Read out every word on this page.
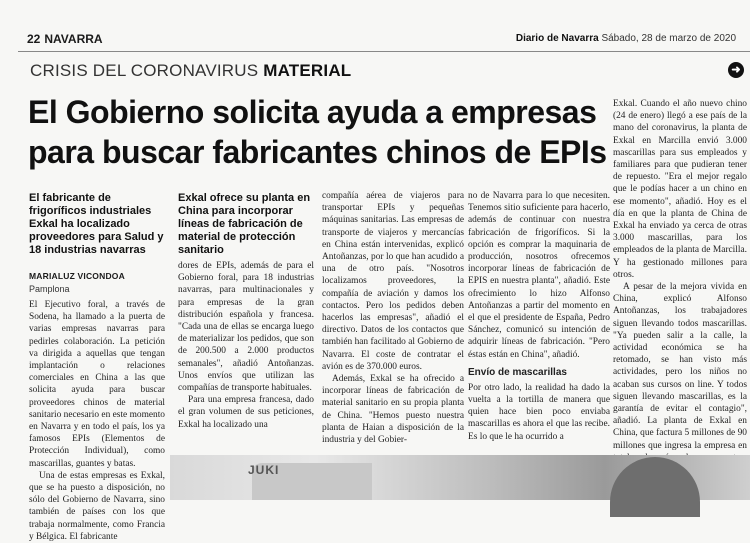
22 NAVARRA	Diario de Navarra Sábado, 28 de marzo de 2020
CRISIS DEL CORONAVIRUS MATERIAL	➜
El Gobierno solicita ayuda a empresas para buscar fabricantes chinos de EPIs
El fabricante de frigoríficos industriales Exkal ha localizado proveedores para Salud y 18 industrias navarras
MARIALUZ VICONDOA
Pamplona
Exkal ofrece su planta en China para incorporar líneas de fabricación de material de protección sanitario

El Ejecutivo foral, a través de Sodena, ha llamado a la puerta de varias empresas navarras para pedirles colaboración. La petición va dirigida a aquellas que tengan implantación o relaciones comerciales en China a las que solicita ayuda para buscar proveedores chinos de material sanitario necesario en este momento en Navarra y en todo el país, los ya famosos EPIs (Elementos de Protección Individual), como mascarillas, guantes y batas.

Una de estas empresas es Exkal, que se ha puesto a disposición, no sólo del Gobierno de Navarra, sino también de países con los que trabaja normalmente, como Francia y Bélgica. El fabricante

dores de EPIs, además de para el Gobierno foral, para 18 industrias navarras, para multinacionales y para empresas de la gran distribución española y francesa. "Cada una de ellas se encarga luego de materializar los pedidos, que son de 200.500 a 2.000 productos semanales", añadió Antoñanzas. Unos envíos que utilizan las compañías de transporte habituales.

Para una empresa francesa, dado el gran volumen de sus peticiones, Exkal ha localizado una

compañía aérea de viajeros para transportar EPIs y pequeñas máquinas sanitarias. Las empresas de transporte de viajeros y mercancías en China están intervenidas, explicó Antoñanzas, por lo que han acudido a una de otro país. "Nosotros localizamos proveedores, la compañía de aviación y damos los contactos. Pero los pedidos deben hacerlos las empresas", añadió el directivo. Datos de los contactos que también han facilitado al Gobierno de Navarra. El coste de contratar el avión es de 370.000 euros.

Además, Exkal se ha ofrecido a incorporar líneas de fabricación de material sanitario en su propia planta de China. "Hemos puesto nuestra planta de Haian a disposición de la industria y del Gobier-

no de Navarra para lo que necesiten. Tenemos sitio suficiente para hacerlo, además de continuar con nuestra fabricación de frigoríficos. Si la opción es comprar la maquinaria de producción, nosotros ofrecemos incorporar líneas de fabricación de EPIS en nuestra planta", añadió. Este ofrecimiento lo hizo Alfonso Antoñanzas a partir del momento en el que el presidente de España, Pedro Sánchez, comunicó su intención de adquirir líneas de fabricación. "Pero éstas están en China", añadió.

Envío de mascarillas

Por otro lado, la realidad ha dado la vuelta a la tortilla de manera que quien hace bien poco enviaba mascarillas es ahora el que las recibe. Es lo que le ha ocurrido a

Exkal. Cuando el año nuevo chino (24 de enero) llegó a ese país de la mano del coronavirus, la planta de Exkal en Marcilla envió 3.000 mascarillas para sus empleados y familiares para que pudieran tener de repuesto. "Era el mejor regalo que le podías hacer a un chino en ese momento", añadió. Hoy es el día en que la planta de China de Exkal ha enviado ya cerca de otras 3.000 mascarillas, para los empleados de la planta de Marcilla. Y ha gestionado millones para otros.

A pesar de la mejora vivida en China, explicó Alfonso Antoñanzas, los trabajadores siguen llevando todos mascarillas. "Ya pueden salir a la calle, la actividad económica se ha retomado, se han visto más actividades, pero los niños no acaban sus cursos on line. Y todos siguen llevando mascarillas, es la garantía de evitar el contagio", añadió. La planta de Exkal en China, que factura 5 millones de 90 millones que ingresa la empresa en

JUKI
